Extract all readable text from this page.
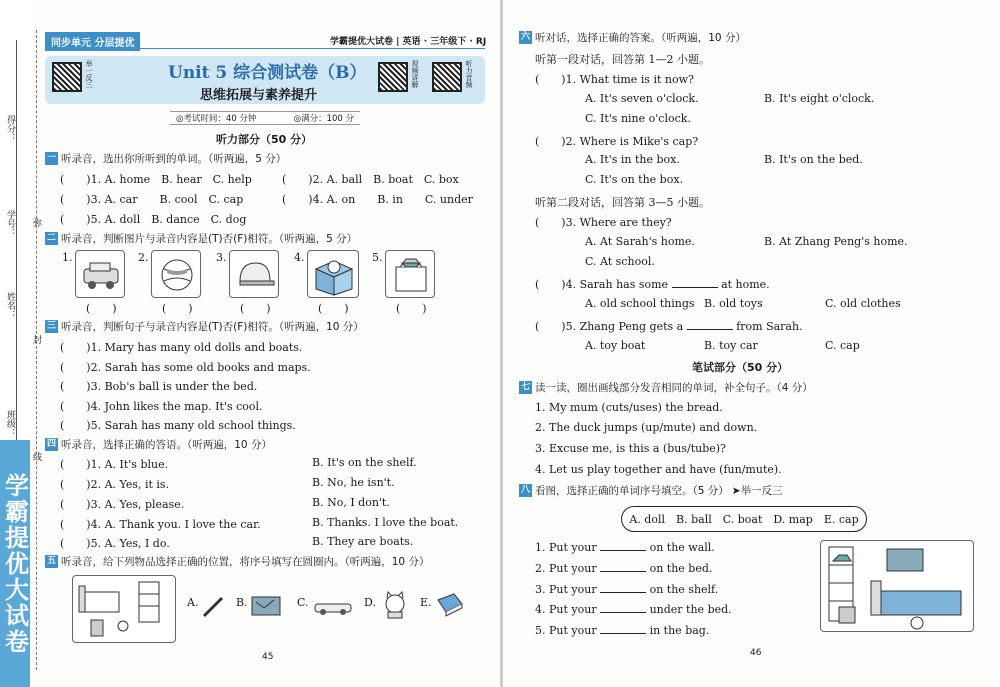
得分：
学号：
姓名：
班级：
弥
封
线
学霸提优大试卷
同步单元 分层提优	学霸提优大试卷 | 英语 · 三年级下 · RJ
举一反三	Unit 5 综合测试卷（B）
思维拓展与素养提升
视频讲解	听力音频
◎考试时间：40 分钟	◎满分：100 分
听力部分（50 分）
一 听录音，选出你所听到的单词。（听两遍，5 分）
(　　)1. A. home　B. hear　C. help	(　　)2. A. ball　B. boat　C. box
(　　)3. A. car　　B. cool　C. cap	(　　)4. A. on　　B. in　　C. under
(　　)5. A. doll　B. dance　C. dog
二 听录音，判断图片与录音内容是(T)否(F)相符。（听两遍，5 分）
1.	2.	3.	4.	5.
(　　)	(　　)	(　　)	(　　)	(　　)
三 听录音，判断句子与录音内容是(T)否(F)相符。（听两遍，10 分）
(　　)1. Mary has many old dolls and boats.
(　　)2. Sarah has some old books and maps.
(　　)3. Bob's ball is under the bed.
(　　)4. John likes the map. It's cool.
(　　)5. Sarah has many old school things.
四 听录音，选择正确的答语。（听两遍，10 分）
(　　)1. A. It's blue.	B. It's on the shelf.
(　　)2. A. Yes, it is.	B. No, he isn't.
(　　)3. A. Yes, please.	B. No, I don't.
(　　)4. A. Thank you. I love the car.	B. Thanks. I love the boat.
(　　)5. A. Yes, I do.	B. They are boats.
五 听录音，给下列物品选择正确的位置，将序号填写在圆圈内。（听两遍，10 分）
A.	B.	C.	D.	E.
45
六 听对话，选择正确的答案。（听两遍，10 分）
听第一段对话，回答第 1—2 小题。
(　　)1. What time is it now?
A. It's seven o'clock.	B. It's eight o'clock.
C. It's nine o'clock.
(　　)2. Where is Mike's cap?
A. It's in the box.	B. It's on the bed.
C. It's on the box.
听第二段对话，回答第 3—5 小题。
(　　)3. Where are they?
A. At Sarah's home.	B. At Zhang Peng's home.
C. At school.
(　　)4. Sarah has some	at home.
A. old school things B. old toys	C. old clothes
(　　)5. Zhang Peng gets a	from Sarah.
A. toy boat	B. toy car	C. cap
笔试部分（50 分）
七 读一读，圈出画线部分发音相同的单词，补全句子。（4 分）
1. My mum (cuts/uses) the bread.
2. The duck jumps (up/mute) and down.
3. Excuse me, is this a (bus/tube)?
4. Let us play together and have (fun/mute).
八 看图，选择正确的单词序号填空。（5 分） ➤举一反三
A. doll　B. ball　C. boat　D. map　E. cap
1. Put your	on the wall.
2. Put your	on the bed.
3. Put your	on the shelf.
4. Put your	under the bed.
5. Put your	in the bag.
46
